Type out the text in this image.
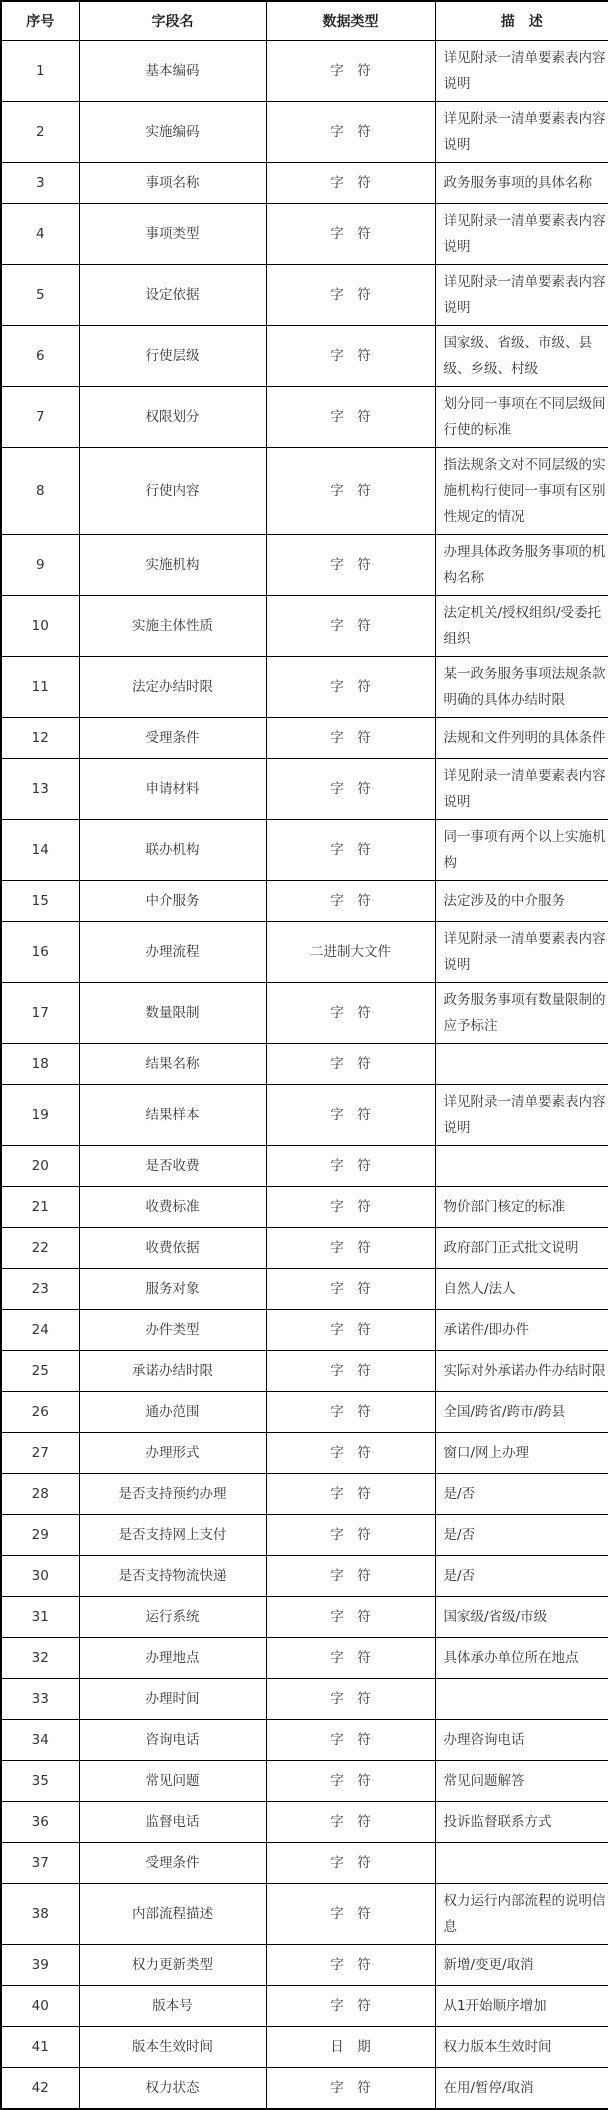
序号	字段名	数据类型	描　述
1	基本编码	字　符	详见附录一清单要素表内容说明
2	实施编码	字　符	详见附录一清单要素表内容说明
3	事项名称	字　符	政务服务事项的具体名称
4	事项类型	字　符	详见附录一清单要素表内容说明
5	设定依据	字　符	详见附录一清单要素表内容说明
6	行使层级	字　符	国家级、省级、市级、县级、乡级、村级
7	权限划分	字　符	划分同一事项在不同层级间行使的标准
8	行使内容	字　符	指法规条文对不同层级的实施机构行使同一事项有区别性规定的情况
9	实施机构	字　符	办理具体政务服务事项的机构名称
10	实施主体性质	字　符	法定机关/授权组织/受委托组织
11	法定办结时限	字　符	某一政务服务事项法规条款明确的具体办结时限
12	受理条件	字　符	法规和文件列明的具体条件
13	申请材料	字　符	详见附录一清单要素表内容说明
14	联办机构	字　符	同一事项有两个以上实施机构
15	中介服务	字　符	法定涉及的中介服务
16	办理流程	二进制大文件	详见附录一清单要素表内容说明
17	数量限制	字　符	政务服务事项有数量限制的应予标注
18	结果名称	字　符	
19	结果样本	字　符	详见附录一清单要素表内容说明
20	是否收费	字　符	
21	收费标准	字　符	物价部门核定的标准
22	收费依据	字　符	政府部门正式批文说明
23	服务对象	字　符	自然人/法人
24	办件类型	字　符	承诺件/即办件
25	承诺办结时限	字　符	实际对外承诺办件办结时限
26	通办范围	字　符	全国/跨省/跨市/跨县
27	办理形式	字　符	窗口/网上办理
28	是否支持预约办理	字　符	是/否
29	是否支持网上支付	字　符	是/否
30	是否支持物流快递	字　符	是/否
31	运行系统	字　符	国家级/省级/市级
32	办理地点	字　符	具体承办单位所在地点
33	办理时间	字　符	
34	咨询电话	字　符	办理咨询电话
35	常见问题	字　符	常见问题解答
36	监督电话	字　符	投诉监督联系方式
37	受理条件	字　符	
38	内部流程描述	字　符	权力运行内部流程的说明信息
39	权力更新类型	字　符	新增/变更/取消
40	版本号	字　符	从1开始顺序增加
41	版本生效时间	日　期	权力版本生效时间
42	权力状态	字　符	在用/暂停/取消
